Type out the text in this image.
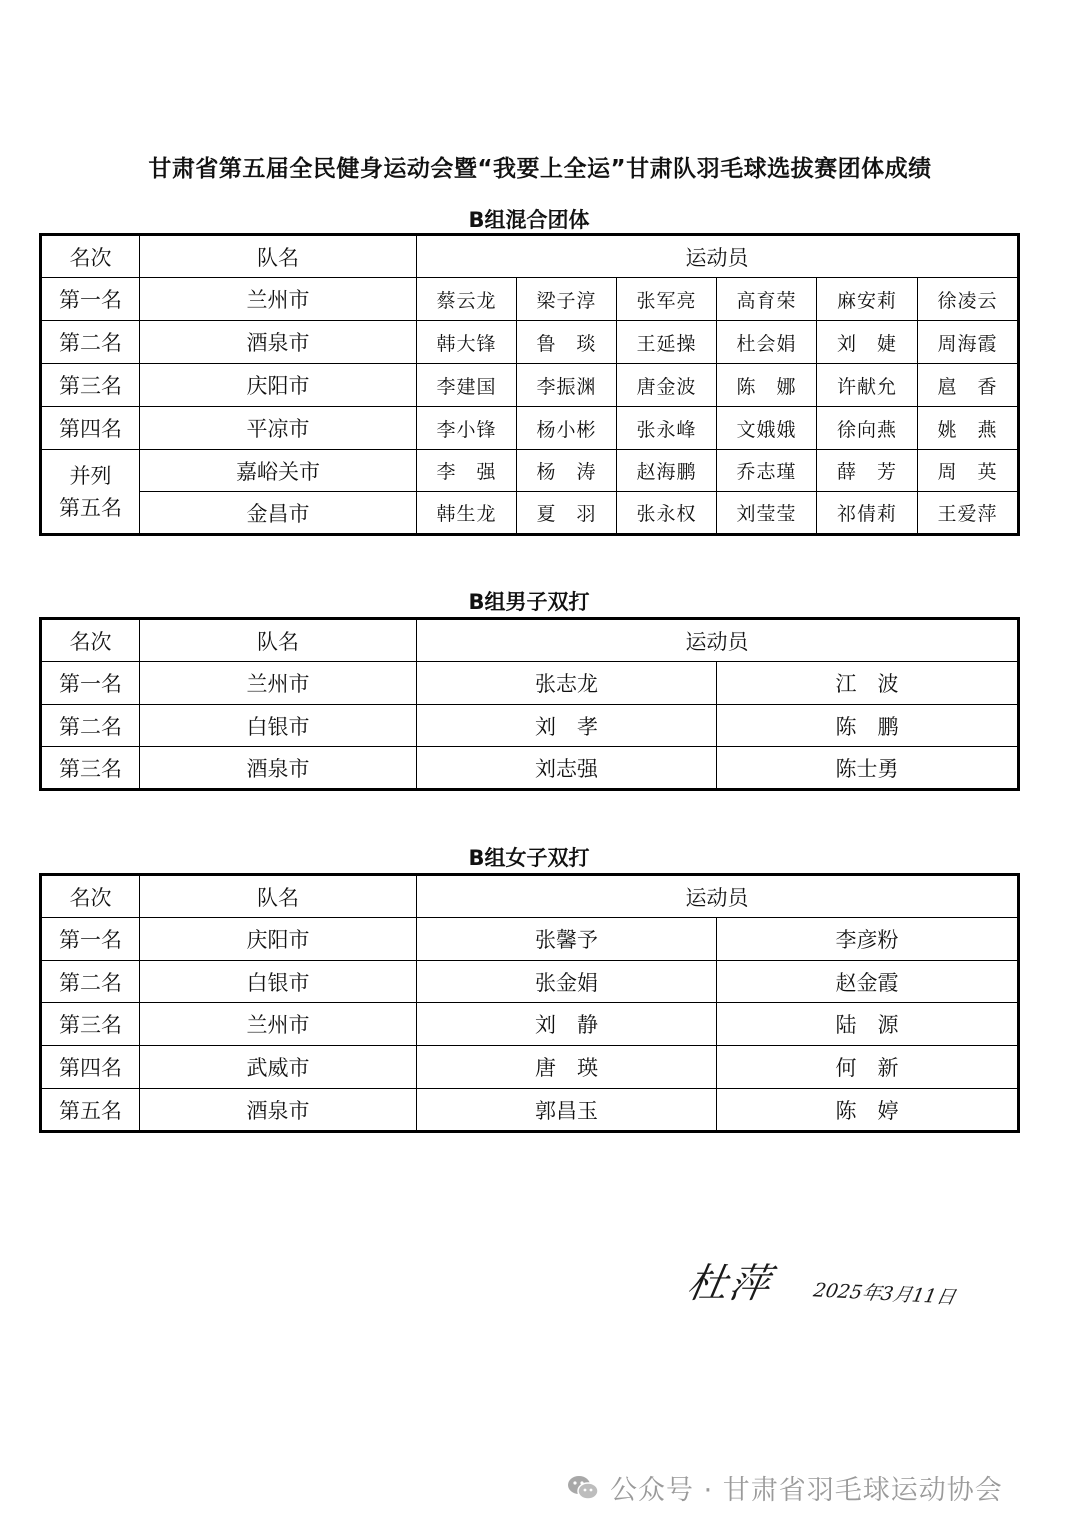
甘肃省第五届全民健身运动会暨“我要上全运”甘肃队羽毛球选拔赛团体成绩
B组混合团体
名次	队名	运动员					
第一名	兰州市	蔡云龙	梁子淳	张军亮	高育荣	麻安莉	徐凌云
第二名	酒泉市	韩大锋	鲁　琰	王延操	杜会娟	刘　婕	周海霞
第三名	庆阳市	李建国	李振渊	唐金波	陈　娜	许献允	扈　香
第四名	平凉市	李小锋	杨小彬	张永峰	文娥娥	徐向燕	姚　燕

并列
第五名	嘉峪关市	李　强	杨　涛	赵海鹏	乔志瑾	薛　芳	周　英
	金昌市	韩生龙	夏　羽	张永权	刘莹莹	祁倩莉	王爱萍
B组男子双打
名次	队名	运动员	
第一名	兰州市	张志龙	江　波
第二名	白银市	刘　孝	陈　鹏
第三名	酒泉市	刘志强	陈士勇
B组女子双打
名次	队名	运动员	
第一名	庆阳市	张馨予	李彦粉
第二名	白银市	张金娟	赵金霞
第三名	兰州市	刘　静	陆　源
第四名	武威市	唐　瑛	何　新
第五名	酒泉市	郭昌玉	陈　婷
杜萍 2025年3月11日
公众号 · 甘肃省羽毛球运动协会
